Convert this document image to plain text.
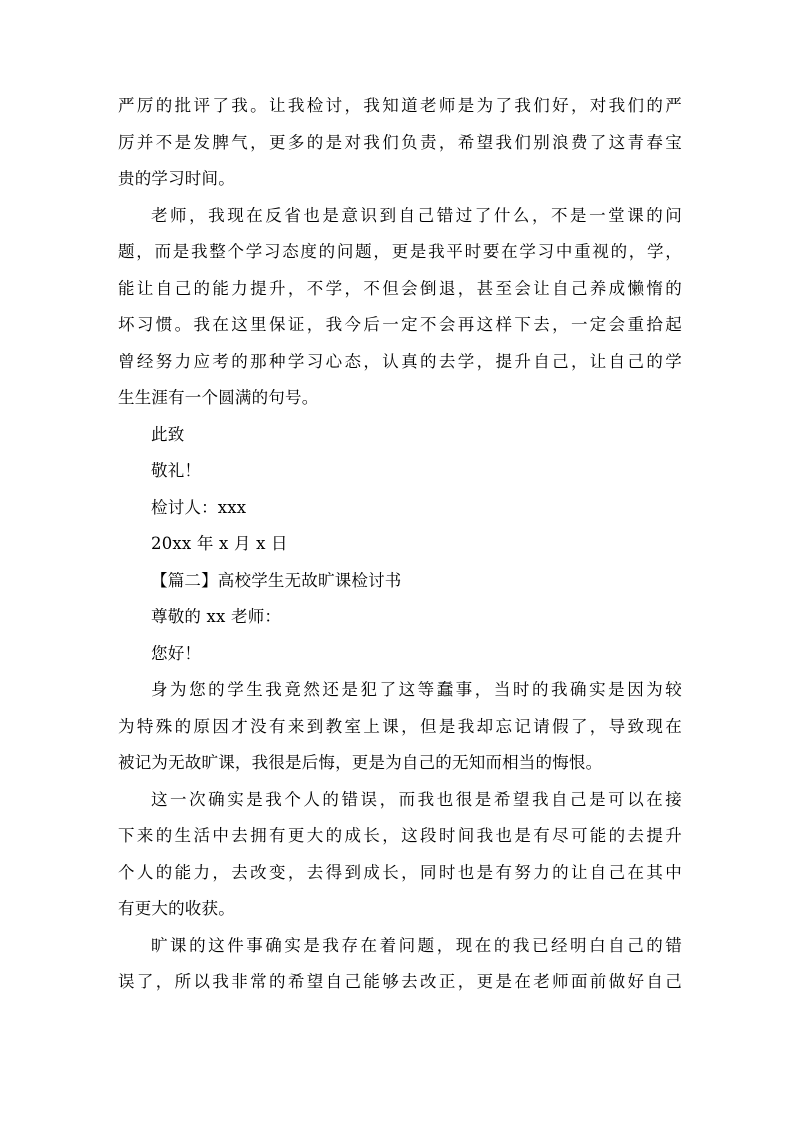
严厉的批评了我。让我检讨，我知道老师是为了我们好，对我们的严
厉并不是发脾气，更多的是对我们负责，希望我们别浪费了这青春宝
贵的学习时间。
老师，我现在反省也是意识到自己错过了什么，不是一堂课的问
题，而是我整个学习态度的问题，更是我平时要在学习中重视的，学，
能让自己的能力提升，不学，不但会倒退，甚至会让自己养成懒惰的
坏习惯。我在这里保证，我今后一定不会再这样下去，一定会重拾起
曾经努力应考的那种学习心态，认真的去学，提升自己，让自己的学
生生涯有一个圆满的句号。
此致
敬礼！
检讨人：xxx
20xx 年 x 月 x 日
【篇二】高校学生无故旷课检讨书
尊敬的 xx 老师：
您好！
身为您的学生我竟然还是犯了这等蠢事，当时的我确实是因为较
为特殊的原因才没有来到教室上课，但是我却忘记请假了，导致现在
被记为无故旷课，我很是后悔，更是为自己的无知而相当的悔恨。
这一次确实是我个人的错误，而我也很是希望我自己是可以在接
下来的生活中去拥有更大的成长，这段时间我也是有尽可能的去提升
个人的能力，去改变，去得到成长，同时也是有努力的让自己在其中
有更大的收获。
旷课的这件事确实是我存在着问题，现在的我已经明白自己的错
误了，所以我非常的希望自己能够去改正，更是在老师面前做好自己
